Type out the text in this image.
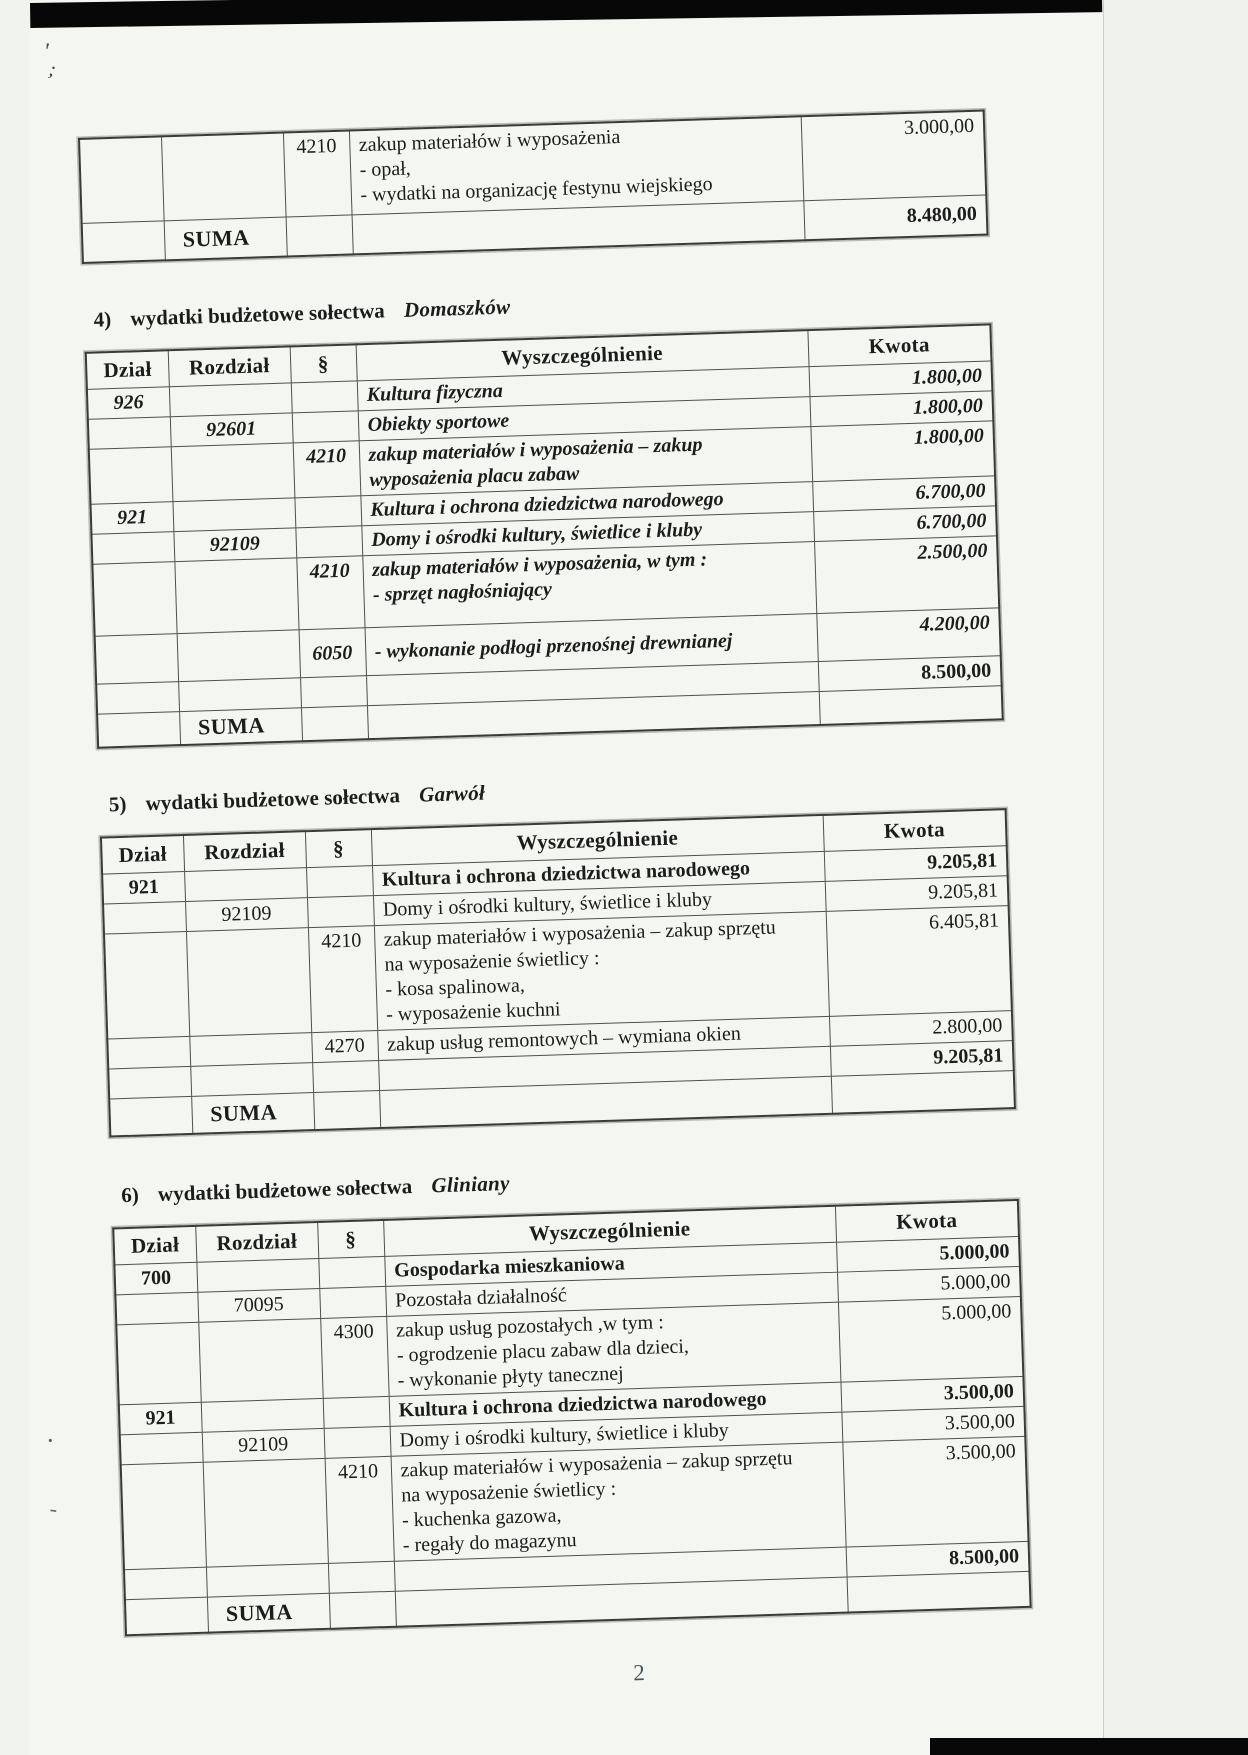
'
;
·
‑
		4210	zakup materiałów i wyposażenia
- opał,
- wydatki na organizację festynu wiejskiego	3.000,00
	SUMA			8.480,00
4) wydatki budżetowe sołectwa Domaszków
Dział	Rozdział	§	Wyszczególnienie	Kwota
926			Kultura fizyczna	1.800,00
	92601		Obiekty sportowe	1.800,00
		4210	zakup materiałów i wyposażenia – zakup
wyposażenia placu zabaw	1.800,00
921			Kultura i ochrona dziedzictwa narodowego	6.700,00
	92109		Domy i ośrodki kultury, świetlice i kluby	6.700,00
		4210	zakup materiałów i wyposażenia, w tym :
- sprzęt nagłośniający	2.500,00
		6050	- wykonanie podłogi przenośnej drewnianej	4.200,00
				8.500,00
	SUMA			
5) wydatki budżetowe sołectwa Garwół
Dział	Rozdział	§	Wyszczególnienie	Kwota
921			Kultura i ochrona dziedzictwa narodowego	9.205,81
	92109		Domy i ośrodki kultury, świetlice i kluby	9.205,81
		4210	zakup materiałów i wyposażenia – zakup sprzętu
na wyposażenie świetlicy :
- kosa spalinowa,
- wyposażenie kuchni	6.405,81
		4270	zakup usług remontowych – wymiana okien	2.800,00
				9.205,81
	SUMA			
6) wydatki budżetowe sołectwa Gliniany
Dział	Rozdział	§	Wyszczególnienie	Kwota
700			Gospodarka mieszkaniowa	5.000,00
	70095		Pozostała działalność	5.000,00
		4300	zakup usług pozostałych ,w tym :
- ogrodzenie placu zabaw dla dzieci,
- wykonanie płyty tanecznej	5.000,00
921			Kultura i ochrona dziedzictwa narodowego	3.500,00
	92109		Domy i ośrodki kultury, świetlice i kluby	3.500,00
		4210	zakup materiałów i wyposażenia – zakup sprzętu
na wyposażenie świetlicy :
- kuchenka gazowa,
- regały do magazynu	3.500,00
				8.500,00
	SUMA			
2
